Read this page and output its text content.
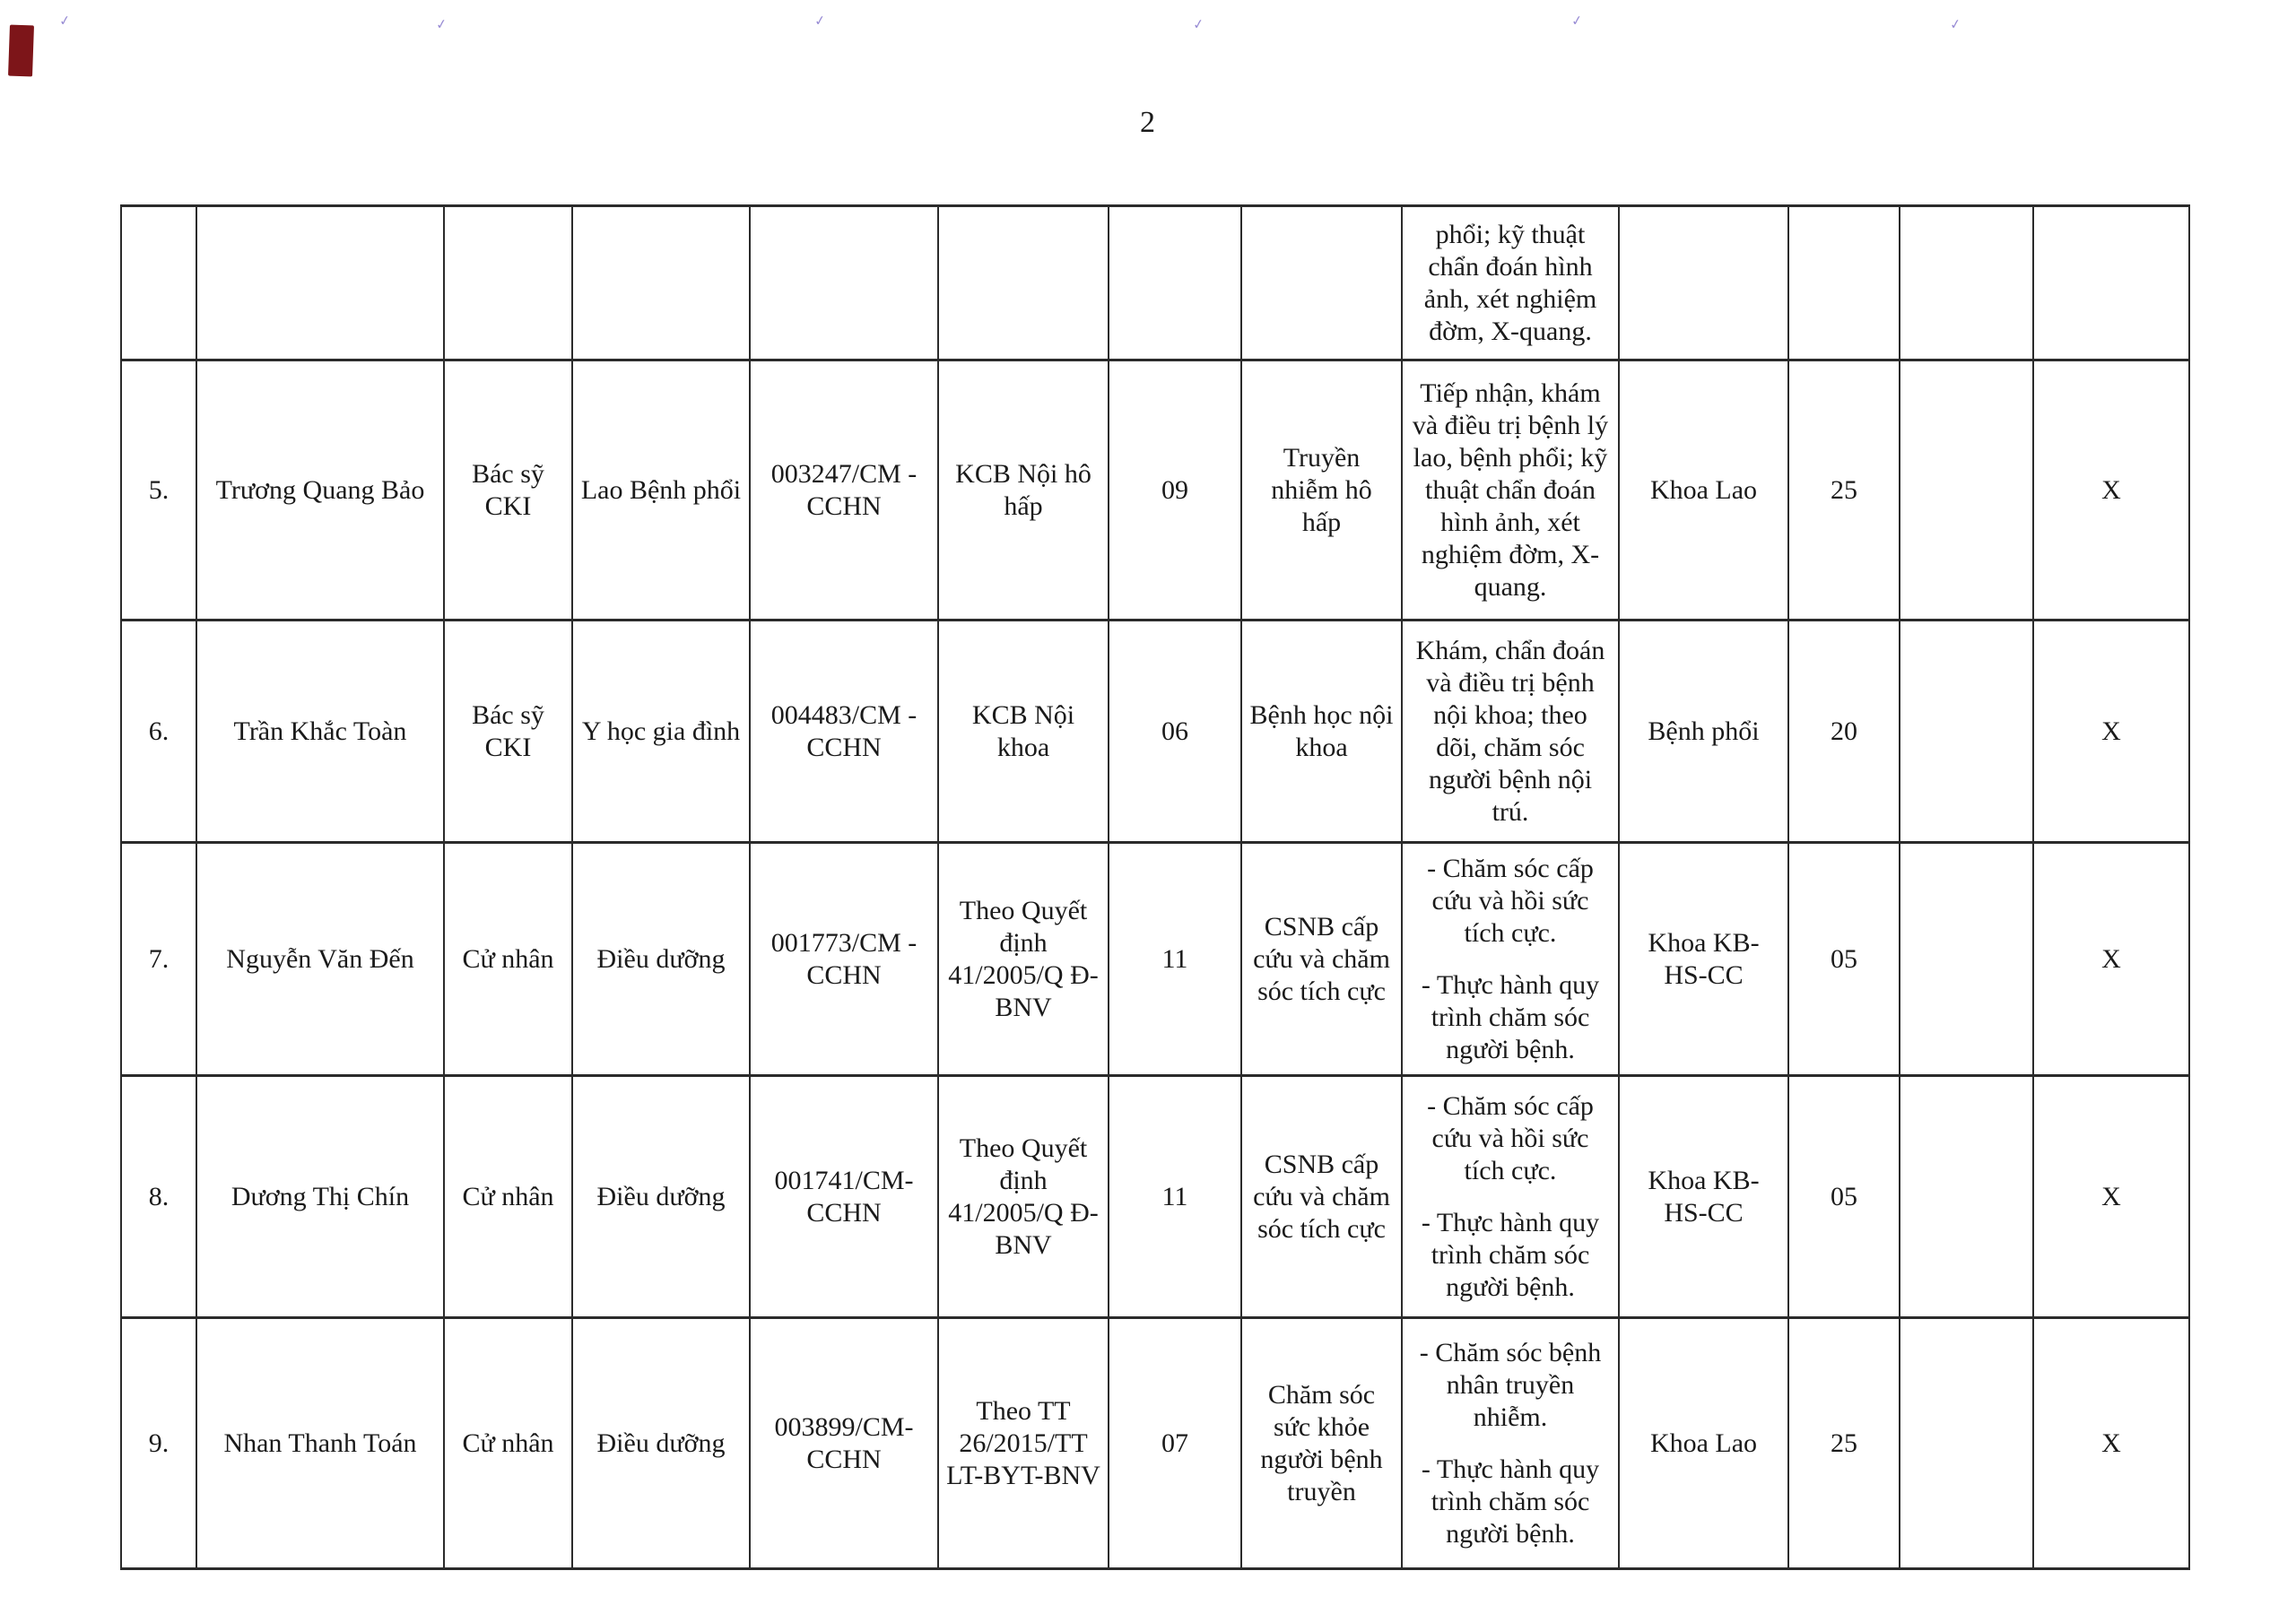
✓	✓	✓	✓	✓	✓
2

								phổi; kỹ thuật chẩn đoán hình ảnh, xét nghiệm đờm, X-quang.				

5.	Trương Quang Bảo	Bác sỹ CKI	Lao Bệnh phổi	003247/CM - CCHN	KCB Nội hô hấp	09	Truyền nhiễm hô hấp	Tiếp nhận, khám và điều trị bệnh lý lao, bệnh phổi; kỹ thuật chẩn đoán hình ảnh, xét nghiệm đờm, X-quang.	Khoa Lao	25		X
6.	Trần Khắc Toàn	Bác sỹ CKI	Y học gia đình	004483/CM - CCHN	KCB Nội khoa	06	Bệnh học nội khoa	Khám, chẩn đoán và điều trị bệnh nội khoa; theo dõi, chăm sóc người bệnh nội trú.	Bệnh phổi	20		X
7.	Nguyễn Văn Đến	Cử nhân	Điều dưỡng	001773/CM - CCHN	Theo Quyết định 41/2005/Q Đ-BNV	11	CSNB cấp cứu và chăm sóc tích cực	- Chăm sóc cấp cứu và hồi sức tích cực.
- Thực hành quy trình chăm sóc người bệnh.	Khoa KB-HS-CC	05		X
8.	Dương Thị Chín	Cử nhân	Điều dưỡng	001741/CM-CCHN	Theo Quyết định 41/2005/Q Đ-BNV	11	CSNB cấp cứu và chăm sóc tích cực	- Chăm sóc cấp cứu và hồi sức tích cực.
- Thực hành quy trình chăm sóc người bệnh.	Khoa KB-HS-CC	05		X
9.	Nhan Thanh Toán	Cử nhân	Điều dưỡng	003899/CM-CCHN	Theo TT 26/2015/TT LT-BYT-BNV	07	Chăm sóc sức khỏe người bệnh truyền	- Chăm sóc bệnh nhân truyền nhiễm.
- Thực hành quy trình chăm sóc người bệnh.	Khoa Lao	25		X
